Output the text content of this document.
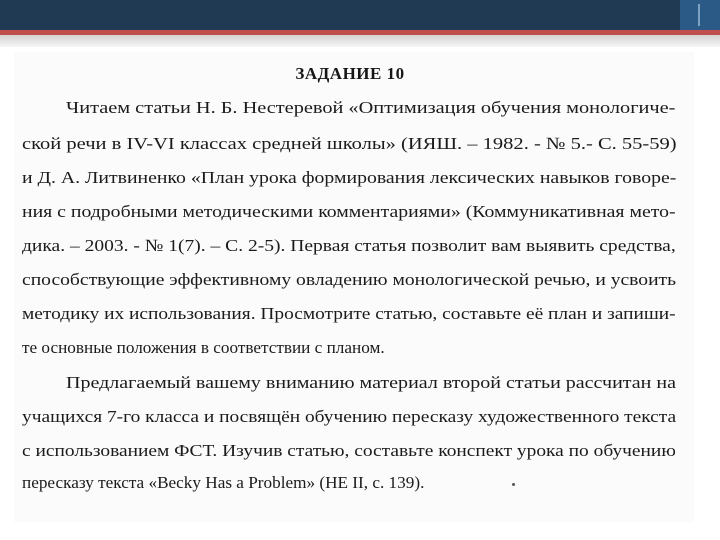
ЗАДАНИЕ 10
Читаем статьи Н. Б. Нестеревой «Оптимизация обучения монологиче-
ской речи в IV-VI классах средней школы» (ИЯШ. – 1982. - № 5.- С. 55-59)
и Д. А. Литвиненко «План урока формирования лексических навыков говоре-
ния с подробными методическими комментариями» (Коммуникативная мето-
дика. – 2003. - № 1(7). – С. 2-5). Первая статья позволит вам выявить средства,
способствующие эффективному овладению монологической речью, и усвоить
методику их использования. Просмотрите статью, составьте её план и запиши-
те основные положения в соответствии с планом.
Предлагаемый вашему вниманию материал второй статьи рассчитан на
учащихся 7-го класса и посвящён обучению пересказу художественного текста
с использованием ФСТ. Изучив статью, составьте конспект урока по обучению
пересказу текста «Becky Has a Problem» (HE II, с. 139).
